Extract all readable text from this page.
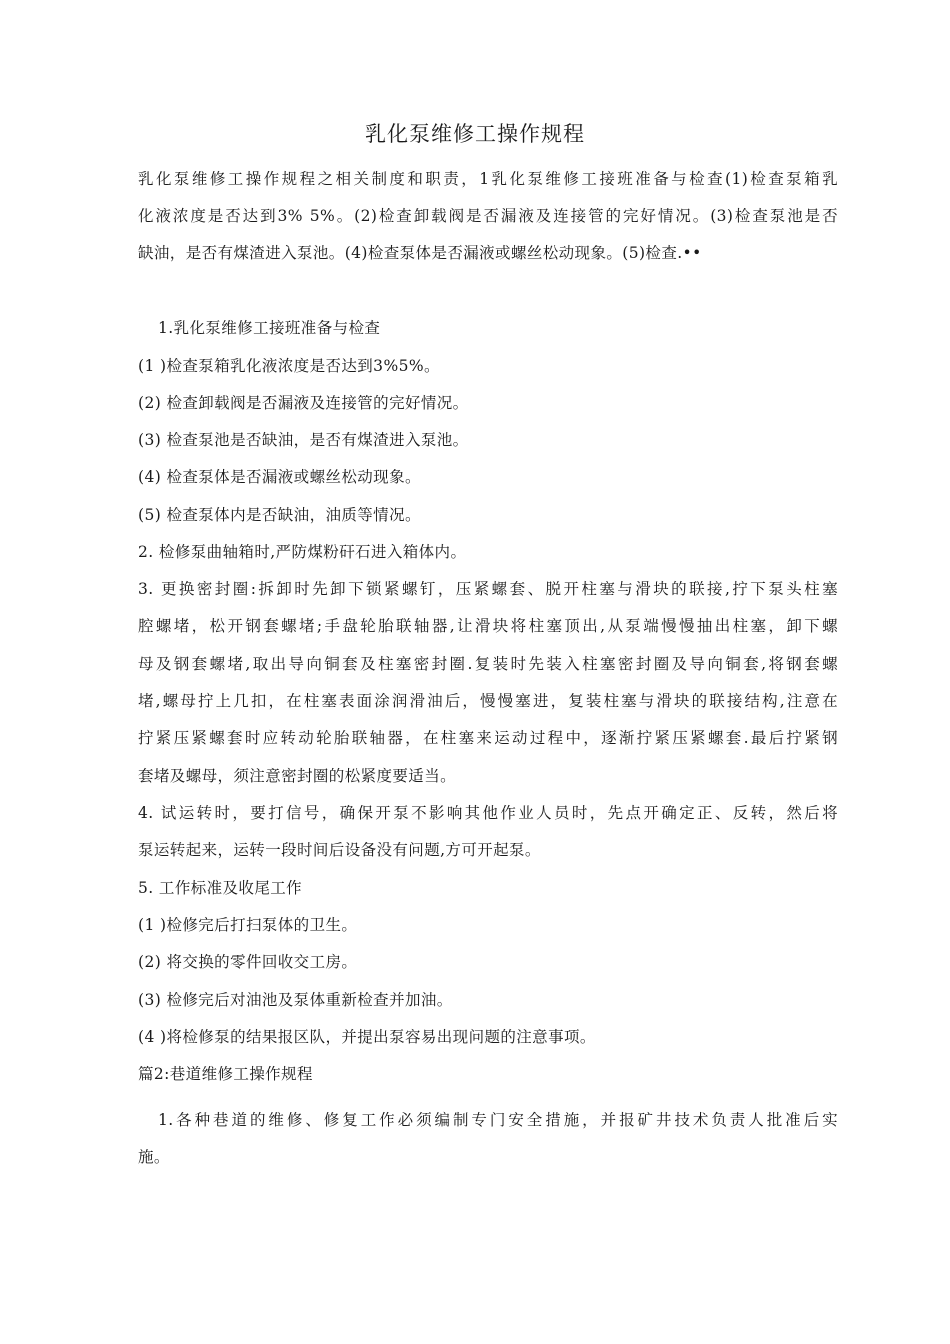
乳化泵维修工操作规程
乳化泵维修工操作规程之相关制度和职责，1乳化泵维修工接班准备与检查(1)检查泵箱乳
化液浓度是否达到3% 5%。(2)检查卸载阀是否漏液及连接管的完好情况。(3)检查泵池是否
缺油，是否有煤渣进入泵池。(4)检查泵体是否漏液或螺丝松动现象。(5)检查.••
1.乳化泵维修工接班准备与检查
(1 )检查泵箱乳化液浓度是否达到3%5%。
(2) 检查卸载阀是否漏液及连接管的完好情况。
(3) 检查泵池是否缺油，是否有煤渣进入泵池。
(4) 检查泵体是否漏液或螺丝松动现象。
(5) 检查泵体内是否缺油，油质等情况。
2. 检修泵曲轴箱时,严防煤粉矸石进入箱体内。
3. 更换密封圈:拆卸时先卸下锁紧螺钉，压紧螺套、脱开柱塞与滑块的联接,拧下泵头柱塞
腔螺堵，松开钢套螺堵;手盘轮胎联轴器,让滑块将柱塞顶出,从泵端慢慢抽出柱塞，卸下螺
母及钢套螺堵,取出导向铜套及柱塞密封圈.复装时先装入柱塞密封圈及导向铜套,将钢套螺
堵,螺母拧上几扣，在柱塞表面涂润滑油后，慢慢塞进，复装柱塞与滑块的联接结构,注意在
拧紧压紧螺套时应转动轮胎联轴器，在柱塞来运动过程中，逐渐拧紧压紧螺套.最后拧紧钢
套堵及螺母，须注意密封圈的松紧度要适当。
4. 试运转时，要打信号，确保开泵不影响其他作业人员时，先点开确定正、反转，然后将
泵运转起来，运转一段时间后设备没有问题,方可开起泵。
5. 工作标准及收尾工作
(1 )检修完后打扫泵体的卫生。
(2) 将交换的零件回收交工房。
(3) 检修完后对油池及泵体重新检查并加油。
(4 )将检修泵的结果报区队，并提出泵容易出现问题的注意事项。
篇2:巷道维修工操作规程
1.各种巷道的维修、修复工作必须编制专门安全措施，并报矿井技术负责人批准后实
施。
